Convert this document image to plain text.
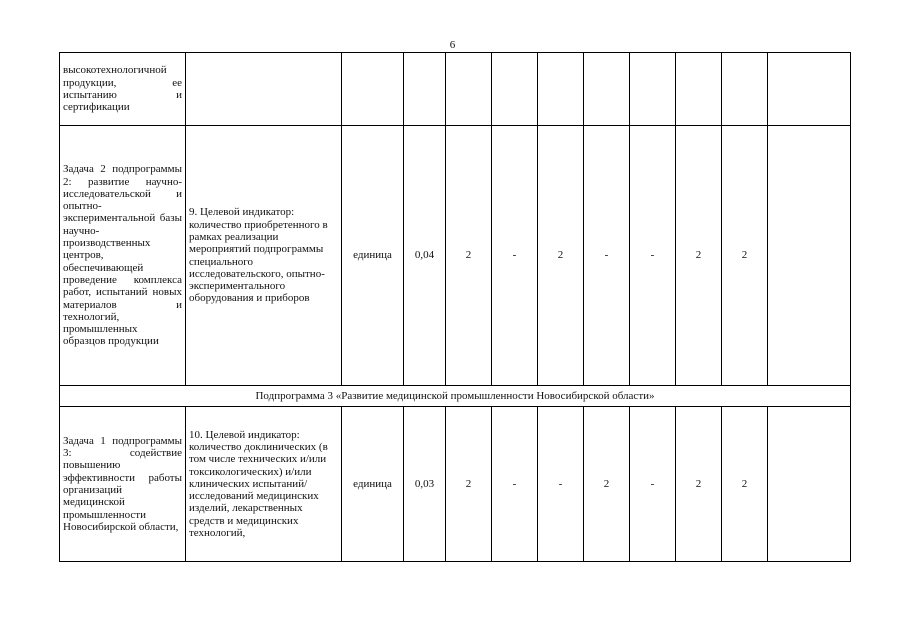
6
высокотехнологичной продукции, ее испытанию и сертификации											
Задача 2 подпрограммы 2: развитие научно-исследовательской и опытно-экспериментальной базы научно-производственных центров, обеспечивающей проведение комплекса работ, испытаний новых материалов и технологий, промышленных образцов продукции	9. Целевой индикатор: количество приобретенного в рамках реализации мероприятий подпрограммы специального исследовательского, опытно-экспериментального оборудования и приборов	единица	0,04	2	-	2	-	-	2	2	
Подпрограмма 3 «Развитие медицинской промышленности Новосибирской области»											
Задача 1 подпрограммы 3: содействие повышению эффективности работы организаций медицинской промышленности Новосибирской области,	10. Целевой индикатор: количество доклинических (в том числе технических и/или токсикологических) и/или клинических испытаний/исследований медицинских изделий, лекарственных средств и медицинских технологий,	единица	0,03	2	-	-	2	-	2	2	
